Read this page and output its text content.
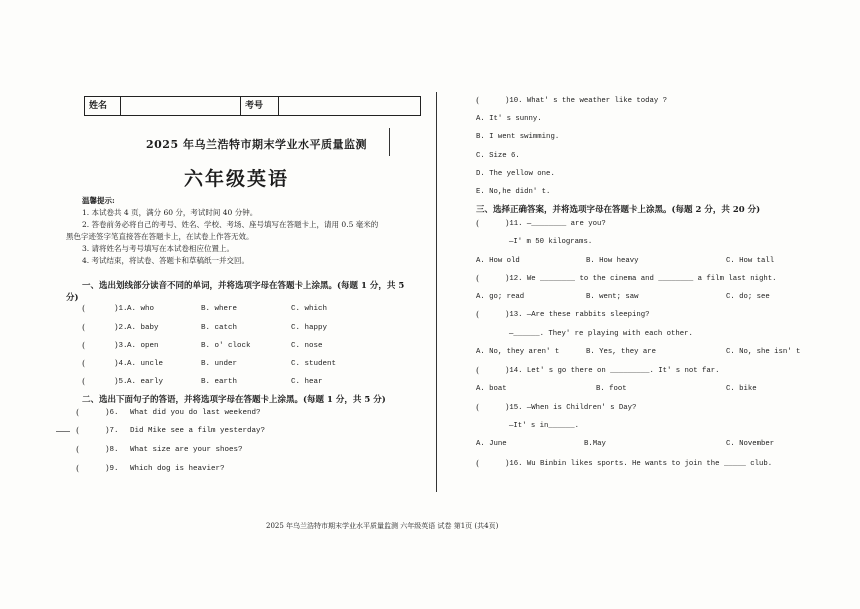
姓名	考号
2025 年乌兰浩特市期末学业水平质量监测
六年级英语
温馨提示:
1. 本试卷共 4 页，满分 60 分，考试时间 40 分钟。
2. 答卷前务必将自己的考号、姓名、学校、考场、座号填写在答题卡上，请用 0.5 毫米的
黑色字迹签字笔直接答在答题卡上，在试卷上作答无效。
3. 请将姓名与考号填写在本试卷相应位置上。
4. 考试结束，将试卷、答题卡和草稿纸一并交回。
一、选出划线部分读音不同的单词，并将选项字母在答题卡上涂黑。(每题 1 分，共 5
分)
(	)1. A. who	B. where	C. which
(	)2. A. baby	B. catch	C. happy
(	)3. A. open	B. o' clock	C. nose
(	)4. A. uncle	B. under	C. student
(	)5. A. early	B. earth	C. hear
二、选出下面句子的答语，并将选项字母在答题卡上涂黑。(每题 1 分，共 5 分)
(	)6. What did you do last weekend?
(	)7. Did Mike see a film yesterday?
(	)8. What size are your shoes?
(	)9. Which dog is heavier?
(	)10. What' s the weather like today ?
A. It' s sunny.
B. I went swimming.
C. Size 6.
D. The yellow one.
E. No,he didn' t.
三、选择正确答案，并将选项字母在答题卡上涂黑。(每题 2 分，共 20 分)
(	)11. —________ are you?
—I' m 50 kilograms.
A. How old	B. How heavy	C. How tall
(	)12. We ________ to the cinema and ________ a film last night.
A. go; read	B. went; saw	C. do; see
(	)13. —Are these rabbits sleeping?
—______. They' re playing with each other.
A. No, they aren' t	B. Yes, they are	C. No, she isn' t
(	)14. Let' s go there on _________. It' s not far.
A. boat	B. foot	C. bike
(	)15. —When is Children' s Day?
—It' s in______.
A. June	B.May	C. November
(	)16. Wu Binbin likes sports. He wants to join the _____ club.
2025 年乌兰浩特市期末学业水平质量监测 六年级英语 试卷 第1页 (共4页)
